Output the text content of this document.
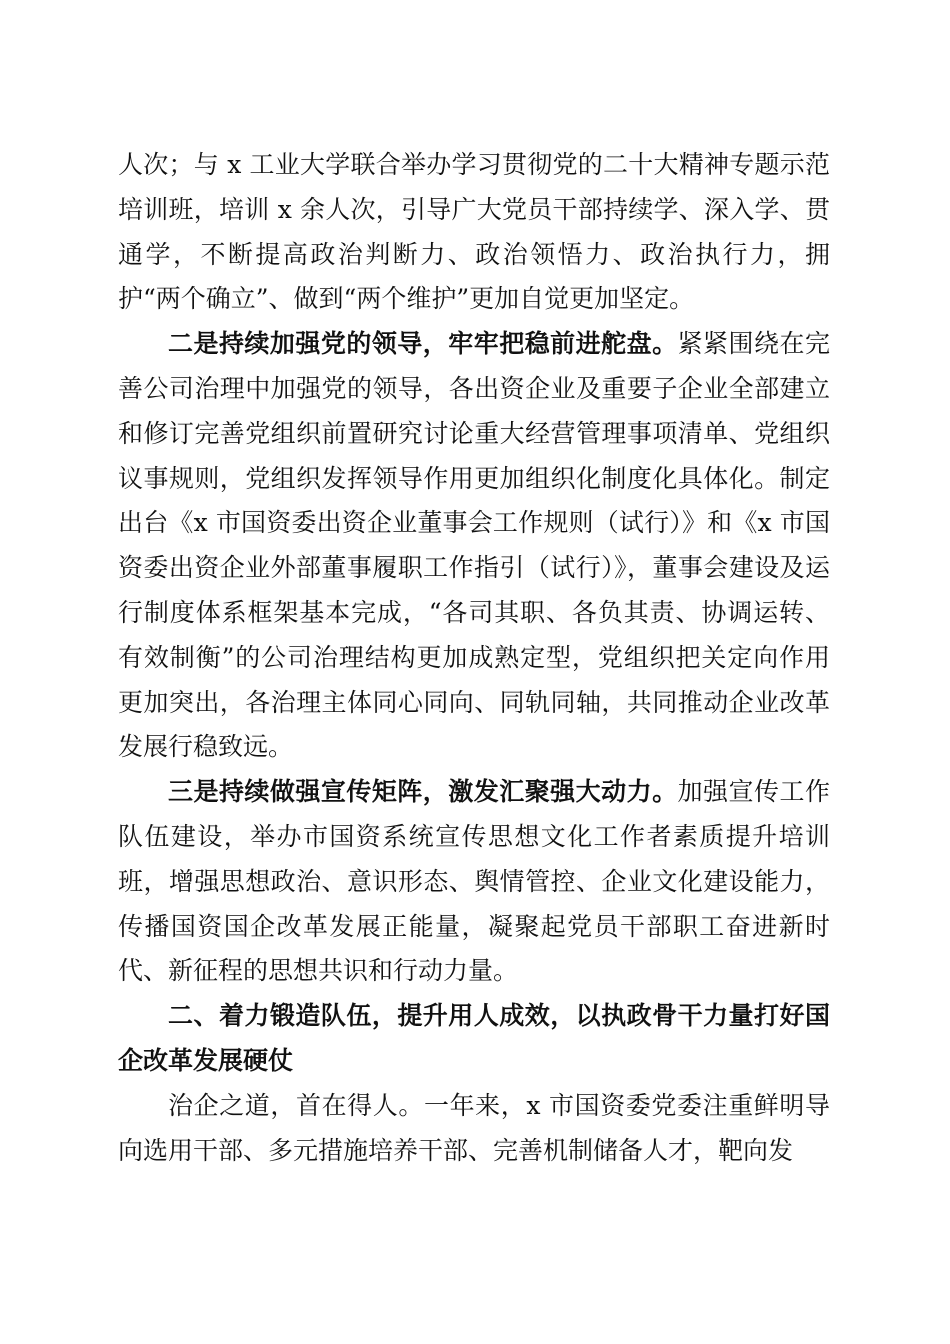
人次；与 x 工业大学联合举办学习贯彻党的二十大精神专题示范培训班，培训 x 余人次，引导广大党员干部持续学、深入学、贯通学，不断提高政治判断力、政治领悟力、政治执行力，拥护“两个确立”、做到“两个维护”更加自觉更加坚定。

二是持续加强党的领导，牢牢把稳前进舵盘。紧紧围绕在完善公司治理中加强党的领导，各出资企业及重要子企业全部建立和修订完善党组织前置研究讨论重大经营管理事项清单、党组织议事规则，党组织发挥领导作用更加组织化制度化具体化。制定出台《x 市国资委出资企业董事会工作规则（试行）》和《x 市国资委出资企业外部董事履职工作指引（试行）》，董事会建设及运行制度体系框架基本完成，“各司其职、各负其责、协调运转、有效制衡”的公司治理结构更加成熟定型，党组织把关定向作用更加突出，各治理主体同心同向、同轨同轴，共同推动企业改革发展行稳致远。

三是持续做强宣传矩阵，激发汇聚强大动力。加强宣传工作队伍建设，举办市国资系统宣传思想文化工作者素质提升培训班，增强思想政治、意识形态、舆情管控、企业文化建设能力，传播国资国企改革发展正能量，凝聚起党员干部职工奋进新时代、新征程的思想共识和行动力量。

二、着力锻造队伍，提升用人成效，以执政骨干力量打好国企改革发展硬仗

治企之道，首在得人。一年来，x 市国资委党委注重鲜明导向选用干部、多元措施培养干部、完善机制储备人才，靶向发
